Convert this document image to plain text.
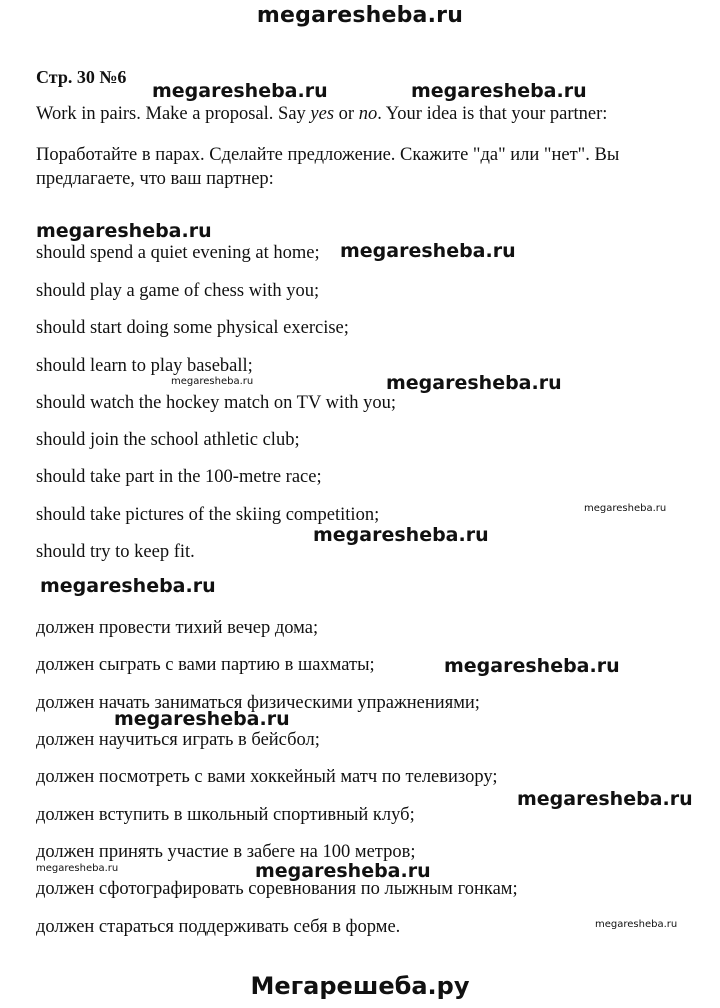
megaresheba.ru
Стр. 30 №6
Work in pairs. Make a proposal. Say yes or no. Your idea is that your partner:
Поработайте в парах. Сделайте предложение. Скажите "да" или "нет". Вы
предлагаете, что ваш партнер:
should spend a quiet evening at home;
should play a game of chess with you;
should start doing some physical exercise;
should learn to play baseball;
should watch the hockey match on TV with you;
should join the school athletic club;
should take part in the 100-metre race;
should take pictures of the skiing competition;
should try to keep fit.
должен провести тихий вечер дома;
должен сыграть с вами партию в шахматы;
должен начать заниматься физическими упражнениями;
должен научиться играть в бейсбол;
должен посмотреть с вами хоккейный матч по телевизору;
должен вступить в школьный спортивный клуб;
должен принять участие в забеге на 100 метров;
должен сфотографировать соревнования по лыжным гонкам;
должен стараться поддерживать себя в форме.
megaresheba.ru	megaresheba.ru
megaresheba.ru
megaresheba.ru
megaresheba.ru	megaresheba.ru
megaresheba.ru
megaresheba.ru
megaresheba.ru
megaresheba.ru
megaresheba.ru
megaresheba.ru
megaresheba.ru	megaresheba.ru
megaresheba.ru
Мегарешеба.ру
